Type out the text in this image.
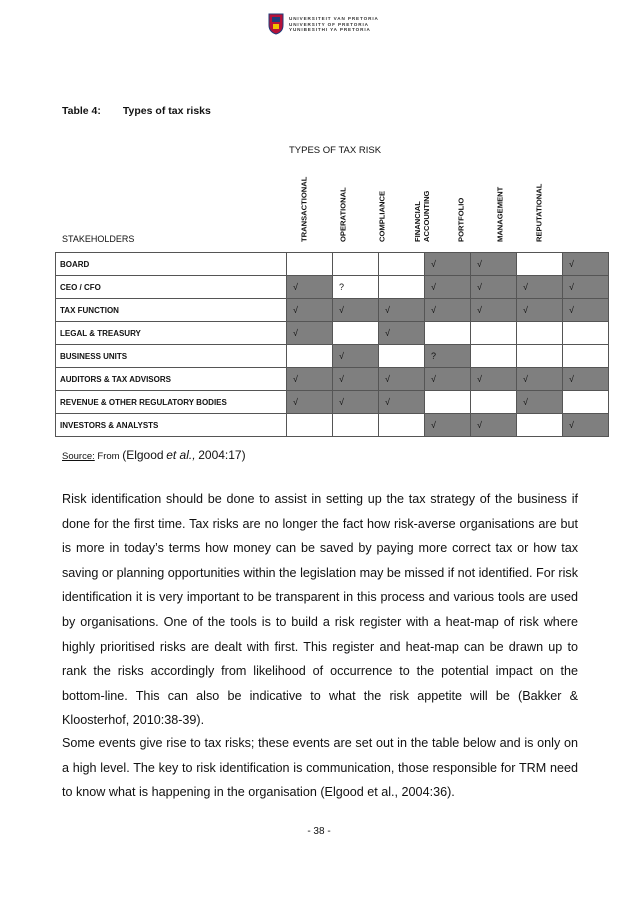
UNIVERSITEIT VAN PRETORIA
UNIVERSITY OF PRETORIA
YUNIBESITHI YA PRETORIA
Table 4: Types of tax risks
TYPES OF TAX RISK
STAKEHOLDERS	TRANSACTIONAL	OPERATIONAL	COMPLIANCE	FINANCIAL ACCOUNTING	PORTFOLIO	MANAGEMENT	REPUTATIONAL
BOARD				√	√		√
CEO / CFO	√	?		√	√	√	√
TAX FUNCTION	√	√	√	√	√	√	√
LEGAL & TREASURY	√		√				
BUSINESS UNITS		√		?			
AUDITORS & TAX ADVISORS	√	√	√	√	√	√	√
REVENUE & OTHER REGULATORY BODIES	√	√	√			√	
INVESTORS & ANALYSTS				√	√		√
Source: From (Elgood et al., 2004:17)
Risk identification should be done to assist in setting up the tax strategy of the business if done for the first time. Tax risks are no longer the fact how risk-averse organisations are but is more in today’s terms how money can be saved by paying more correct tax or how tax saving or planning opportunities within the legislation may be missed if not identified. For risk identification it is very important to be transparent in this process and various tools are used by organisations. One of the tools is to build a risk register with a heat-map of risk where highly prioritised risks are dealt with first. This register and heat-map can be drawn up to rank the risks accordingly from likelihood of occurrence to the potential impact on the bottom-line. This can also be indicative to what the risk appetite will be (Bakker & Kloosterhof, 2010:38-39).
Some events give rise to tax risks; these events are set out in the table below and is only on a high level. The key to risk identification is communication, those responsible for TRM need to know what is happening in the organisation (Elgood et al., 2004:36).
- 38 -
